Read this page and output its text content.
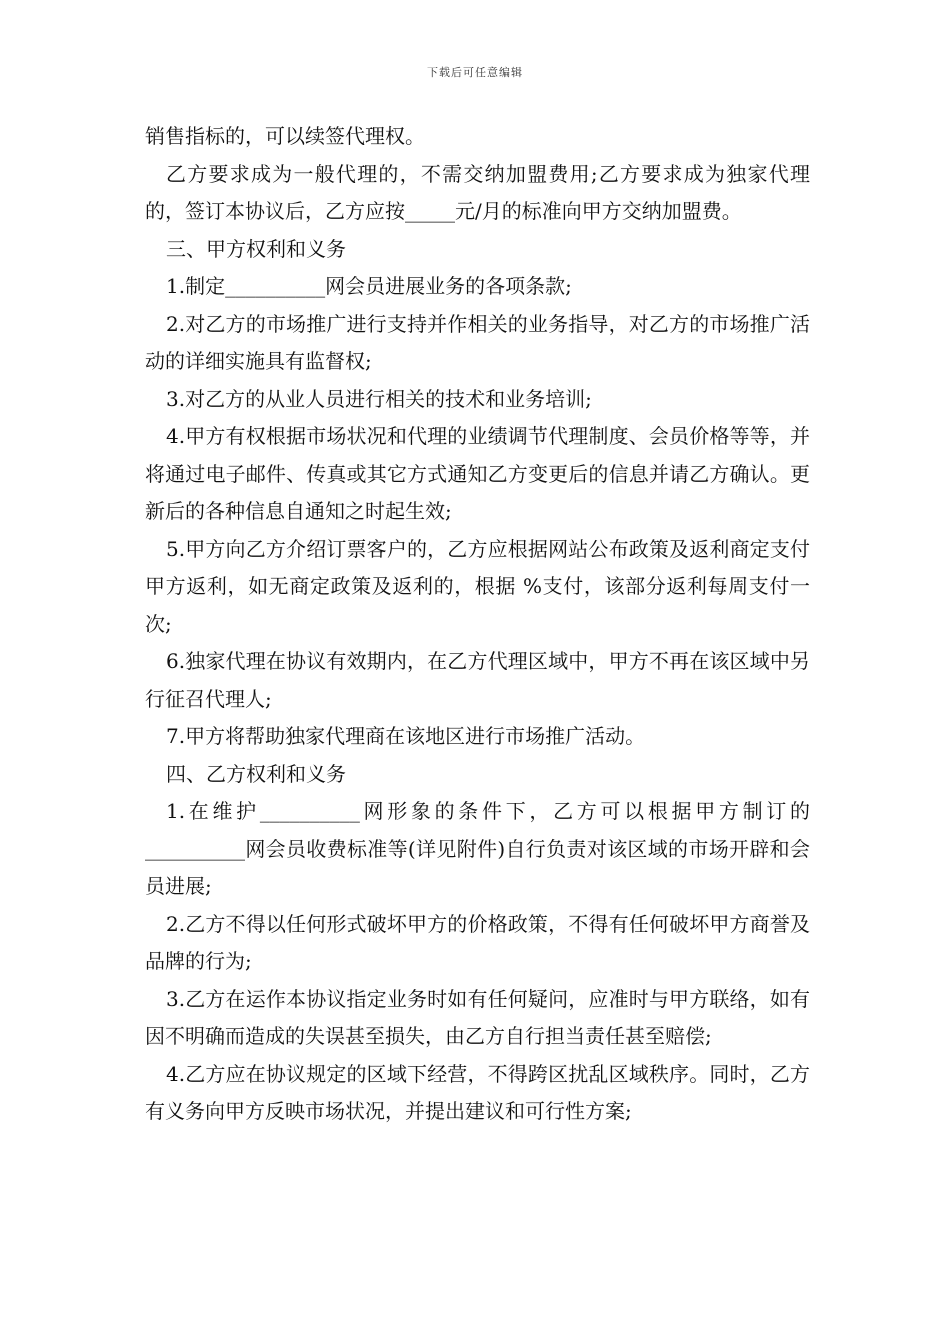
下载后可任意编辑

销售指标的，可以续签代理权。

乙方要求成为一般代理的，不需交纳加盟费用;乙方要求成为独家代理的，签订本协议后，乙方应按_____元/月的标准向甲方交纳加盟费。

三、甲方权利和义务

1.制定__________网会员进展业务的各项条款;

2.对乙方的市场推广进行支持并作相关的业务指导，对乙方的市场推广活动的详细实施具有监督权;

3.对乙方的从业人员进行相关的技术和业务培训;

4.甲方有权根据市场状况和代理的业绩调节代理制度、会员价格等等，并将通过电子邮件、传真或其它方式通知乙方变更后的信息并请乙方确认。更新后的各种信息自通知之时起生效;

5.甲方向乙方介绍订票客户的，乙方应根据网站公布政策及返利商定支付甲方返利，如无商定政策及返利的，根据 %支付，该部分返利每周支付一次;

6.独家代理在协议有效期内，在乙方代理区域中，甲方不再在该区域中另行征召代理人;

7.甲方将帮助独家代理商在该地区进行市场推广活动。

四、乙方权利和义务

1.在维护__________网形象的条件下，乙方可以根据甲方制订的__________网会员收费标准等(详见附件)自行负责对该区域的市场开辟和会员进展;

2.乙方不得以任何形式破坏甲方的价格政策，不得有任何破坏甲方商誉及品牌的行为;

3.乙方在运作本协议指定业务时如有任何疑问，应准时与甲方联络，如有因不明确而造成的失误甚至损失，由乙方自行担当责任甚至赔偿;

4.乙方应在协议规定的区域下经营，不得跨区扰乱区域秩序。同时，乙方有义务向甲方反映市场状况，并提出建议和可行性方案;
